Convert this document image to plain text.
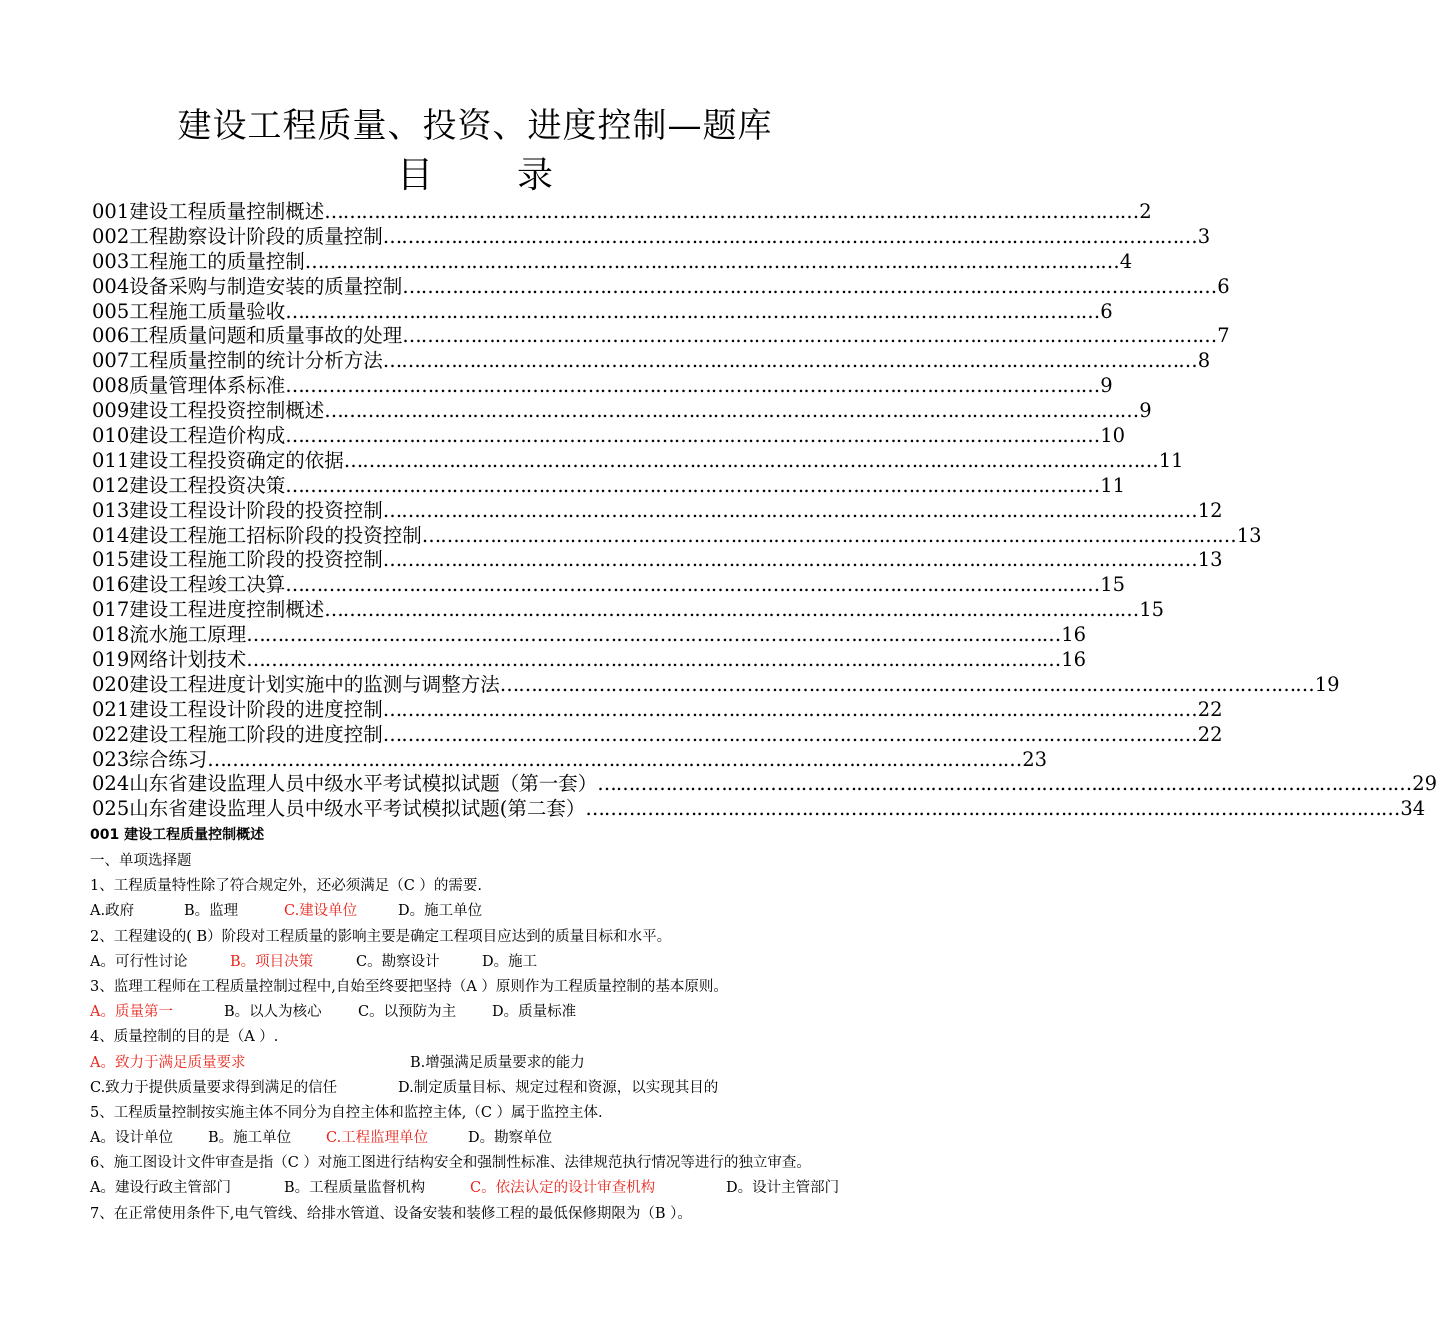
建设工程质量、投资、进度控制—题库
目　录
001 建设工程质量控制概述 …………………………………………………………………………………………………………………… 2
002 工程勘察设计阶段的质量控制 …………………………………………………………………………………………………………………… 3
003 工程施工的质量控制 …………………………………………………………………………………………………………………… 4
004 设备采购与制造安装的质量控制 …………………………………………………………………………………………………………………… 6
005 工程施工质量验收 …………………………………………………………………………………………………………………… 6
006 工程质量问题和质量事故的处理 …………………………………………………………………………………………………………………… 7
007 工程质量控制的统计分析方法 …………………………………………………………………………………………………………………… 8
008 质量管理体系标准 …………………………………………………………………………………………………………………… 9
009 建设工程投资控制概述 …………………………………………………………………………………………………………………… 9
010 建设工程造价构成 …………………………………………………………………………………………………………………… 10
011 建设工程投资确定的依据 …………………………………………………………………………………………………………………… 11
012 建设工程投资决策 …………………………………………………………………………………………………………………… 11
013 建设工程设计阶段的投资控制 …………………………………………………………………………………………………………………… 12
014 建设工程施工招标阶段的投资控制 …………………………………………………………………………………………………………………… 13
015 建设工程施工阶段的投资控制 …………………………………………………………………………………………………………………… 13
016 建设工程竣工决算 …………………………………………………………………………………………………………………… 15
017 建设工程进度控制概述 …………………………………………………………………………………………………………………… 15
018 流水施工原理 …………………………………………………………………………………………………………………… 16
019 网络计划技术 …………………………………………………………………………………………………………………… 16
020 建设工程进度计划实施中的监测与调整方法 …………………………………………………………………………………………………………………… 19
021 建设工程设计阶段的进度控制 …………………………………………………………………………………………………………………… 22
022 建设工程施工阶段的进度控制 …………………………………………………………………………………………………………………… 22
023 综合练习 …………………………………………………………………………………………………………………… 23
024 山东省建设监理人员中级水平考试模拟试题（第一套） …………………………………………………………………………………………………………………… 29
025 山东省建设监理人员中级水平考试模拟试题(第二套） …………………………………………………………………………………………………………………… 34
001 建设工程质量控制概述
一、单项选择题
1、工程质量特性除了符合规定外，还必须满足（C ）的需要.
A.政府	B。监理	C.建设单位	D。施工单位
2、工程建设的( B）阶段对工程质量的影响主要是确定工程项目应达到的质量目标和水平。
A。可行性讨论	B。项目决策	C。勘察设计	D。施工
3、监理工程师在工程质量控制过程中,自始至终要把坚持（A ）原则作为工程质量控制的基本原则。
A。质量第一	B。以人为核心	C。以预防为主 D。质量标准
4、质量控制的目的是（A ）.
A。致力于满足质量要求	B.增强满足质量要求的能力
C.致力于提供质量要求得到满足的信任	D.制定质量目标、规定过程和资源，以实现其目的
5、工程质量控制按实施主体不同分为自控主体和监控主体,（C ）属于监控主体.
A。设计单位 B。施工单位 C.工程监理单位	D。勘察单位
6、施工图设计文件审查是指（C ）对施工图进行结构安全和强制性标准、法律规范执行情况等进行的独立审查。
A。建设行政主管部门	B。工程质量监督机构	C。依法认定的设计审查机构	D。设计主管部门
7、在正常使用条件下,电气管线、给排水管道、设备安装和装修工程的最低保修期限为（B ）。
